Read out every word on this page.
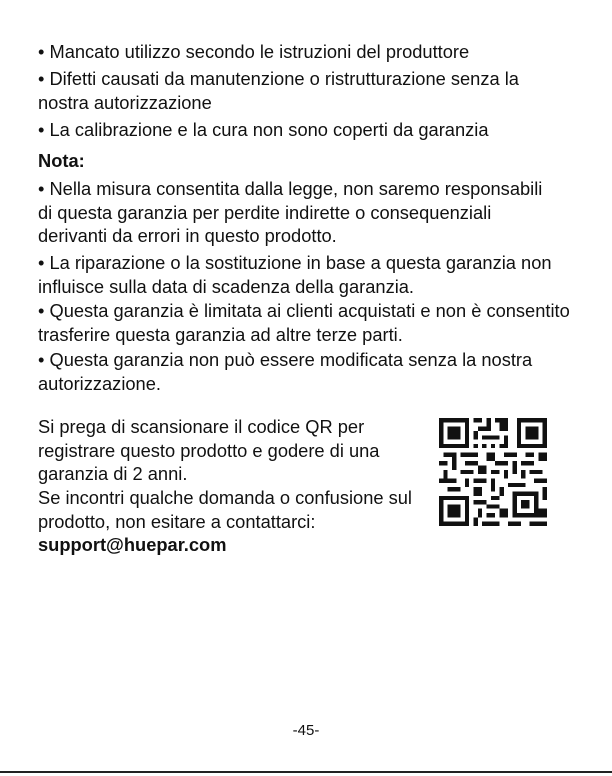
• Mancato utilizzo secondo le istruzioni del produttore

• Difetti causati da manutenzione o ristrutturazione senza la nostra autorizzazione

• La calibrazione e la cura non sono coperti da garanzia

Nota:

• Nella misura consentita dalla legge, non saremo responsabili di questa garanzia per perdite indirette o consequenziali derivanti da errori in questo prodotto.

• La riparazione o la sostituzione in base a questa garanzia non influisce sulla data di scadenza della garanzia.

• Questa garanzia è limitata ai clienti acquistati e non è consentito trasferire questa garanzia ad altre terze parti.

• Questa garanzia non può essere modificata senza la nostra autorizzazione.

Si prega di scansionare il codice QR per registrare questo prodotto e godere di una garanzia di 2 anni.

Se incontri qualche domanda o confusione sul prodotto, non esitare a contattarci: support@huepar.com

-45-
